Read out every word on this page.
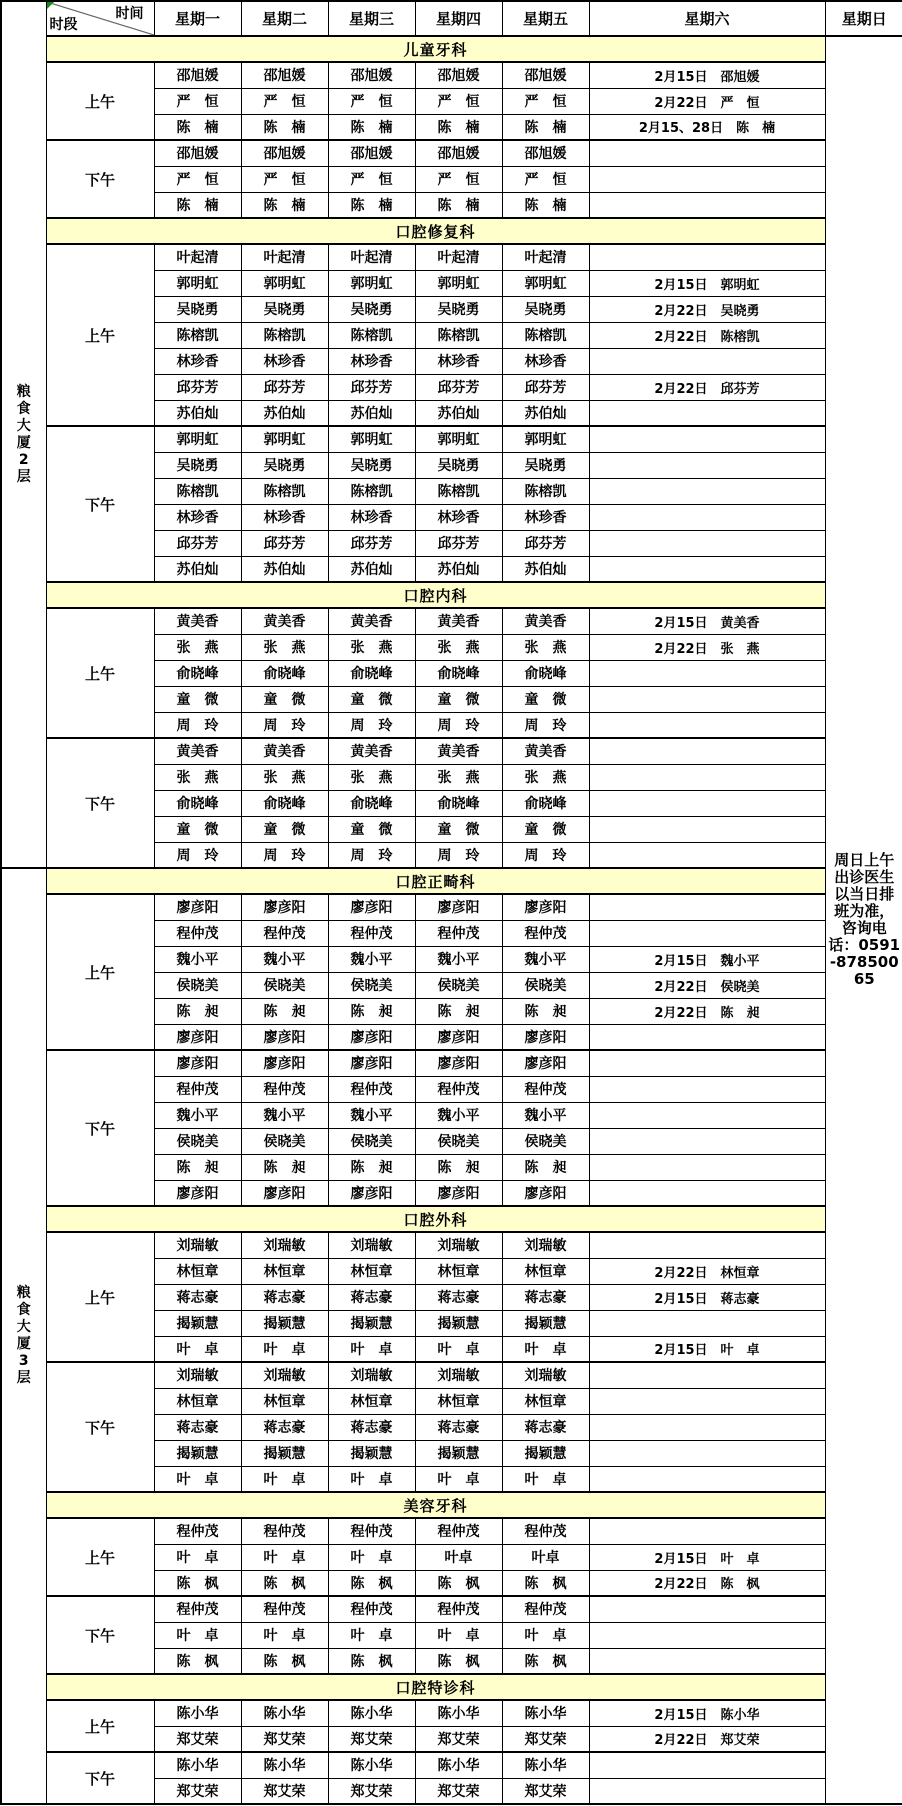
粮
食
大
厦
2
层	
时间
时段	星期一	星期二	星期三	星期四	星期五	星期六	星期日
	儿童牙科							周日上午出诊医生以当日排班为准，咨询电话：0591-87850065
	上午	邵旭媛	邵旭媛	邵旭媛	邵旭媛	邵旭媛	2月15日　邵旭媛	
		严　恒	严　恒	严　恒	严　恒	严　恒	2月22日　严　恒	
		陈　楠	陈　楠	陈　楠	陈　楠	陈　楠	2月15、28日　陈　楠	
	下午	邵旭媛	邵旭媛	邵旭媛	邵旭媛	邵旭媛		
		严　恒	严　恒	严　恒	严　恒	严　恒		
		陈　楠	陈　楠	陈　楠	陈　楠	陈　楠		
	口腔修复科							
	上午	叶起清	叶起清	叶起清	叶起清	叶起清		
		郭明虹	郭明虹	郭明虹	郭明虹	郭明虹	2月15日　郭明虹	
		吴晓勇	吴晓勇	吴晓勇	吴晓勇	吴晓勇	2月22日　吴晓勇	
		陈榕凯	陈榕凯	陈榕凯	陈榕凯	陈榕凯	2月22日　陈榕凯	
		林珍香	林珍香	林珍香	林珍香	林珍香		
		邱芬芳	邱芬芳	邱芬芳	邱芬芳	邱芬芳	2月22日　邱芬芳	
		苏伯灿	苏伯灿	苏伯灿	苏伯灿	苏伯灿		
	下午	郭明虹	郭明虹	郭明虹	郭明虹	郭明虹		
		吴晓勇	吴晓勇	吴晓勇	吴晓勇	吴晓勇		
		陈榕凯	陈榕凯	陈榕凯	陈榕凯	陈榕凯		
		林珍香	林珍香	林珍香	林珍香	林珍香		
		邱芬芳	邱芬芳	邱芬芳	邱芬芳	邱芬芳		
		苏伯灿	苏伯灿	苏伯灿	苏伯灿	苏伯灿		
	口腔内科							
	上午	黄美香	黄美香	黄美香	黄美香	黄美香	2月15日　黄美香	
		张　燕	张　燕	张　燕	张　燕	张　燕	2月22日　张　燕	
		俞晓峰	俞晓峰	俞晓峰	俞晓峰	俞晓峰		
		童　微	童　微	童　微	童　微	童　微		
		周　玲	周　玲	周　玲	周　玲	周　玲		
	下午	黄美香	黄美香	黄美香	黄美香	黄美香		
		张　燕	张　燕	张　燕	张　燕	张　燕		
		俞晓峰	俞晓峰	俞晓峰	俞晓峰	俞晓峰		
		童　微	童　微	童　微	童　微	童　微		
		周　玲	周　玲	周　玲	周　玲	周　玲		
粮
食
大
厦
3
层	口腔正畸科
	上午	廖彦阳	廖彦阳	廖彦阳	廖彦阳	廖彦阳		
		程仲茂	程仲茂	程仲茂	程仲茂	程仲茂		
		魏小平	魏小平	魏小平	魏小平	魏小平	2月15日　魏小平	
		侯晓美	侯晓美	侯晓美	侯晓美	侯晓美	2月22日　侯晓美	
		陈　昶	陈　昶	陈　昶	陈　昶	陈　昶	2月22日　陈　昶	
		廖彦阳	廖彦阳	廖彦阳	廖彦阳	廖彦阳		
	下午	廖彦阳	廖彦阳	廖彦阳	廖彦阳	廖彦阳		
		程仲茂	程仲茂	程仲茂	程仲茂	程仲茂		
		魏小平	魏小平	魏小平	魏小平	魏小平		
		侯晓美	侯晓美	侯晓美	侯晓美	侯晓美		
		陈　昶	陈　昶	陈　昶	陈　昶	陈　昶		
		廖彦阳	廖彦阳	廖彦阳	廖彦阳	廖彦阳		
	口腔外科							
	上午	刘瑞敏	刘瑞敏	刘瑞敏	刘瑞敏	刘瑞敏		
		林恒章	林恒章	林恒章	林恒章	林恒章	2月22日　林恒章	
		蒋志豪	蒋志豪	蒋志豪	蒋志豪	蒋志豪	2月15日　蒋志豪	
		揭颖慧	揭颖慧	揭颖慧	揭颖慧	揭颖慧		
		叶　卓	叶　卓	叶　卓	叶　卓	叶　卓	2月15日　叶　卓	
	下午	刘瑞敏	刘瑞敏	刘瑞敏	刘瑞敏	刘瑞敏		
		林恒章	林恒章	林恒章	林恒章	林恒章		
		蒋志豪	蒋志豪	蒋志豪	蒋志豪	蒋志豪		
		揭颖慧	揭颖慧	揭颖慧	揭颖慧	揭颖慧		
		叶　卓	叶　卓	叶　卓	叶　卓	叶　卓		
	美容牙科							
	上午	程仲茂	程仲茂	程仲茂	程仲茂	程仲茂		
		叶　卓	叶　卓	叶　卓	叶卓	叶卓	2月15日　叶　卓	
		陈　枫	陈　枫	陈　枫	陈　枫	陈　枫	2月22日　陈　枫	
	下午	程仲茂	程仲茂	程仲茂	程仲茂	程仲茂		
		叶　卓	叶　卓	叶　卓	叶　卓	叶　卓		
		陈　枫	陈　枫	陈　枫	陈　枫	陈　枫		
	口腔特诊科							
	上午	陈小华	陈小华	陈小华	陈小华	陈小华	2月15日　陈小华	
		郑艾荣	郑艾荣	郑艾荣	郑艾荣	郑艾荣	2月22日　郑艾荣	
	下午	陈小华	陈小华	陈小华	陈小华	陈小华		
		郑艾荣	郑艾荣	郑艾荣	郑艾荣	郑艾荣		
